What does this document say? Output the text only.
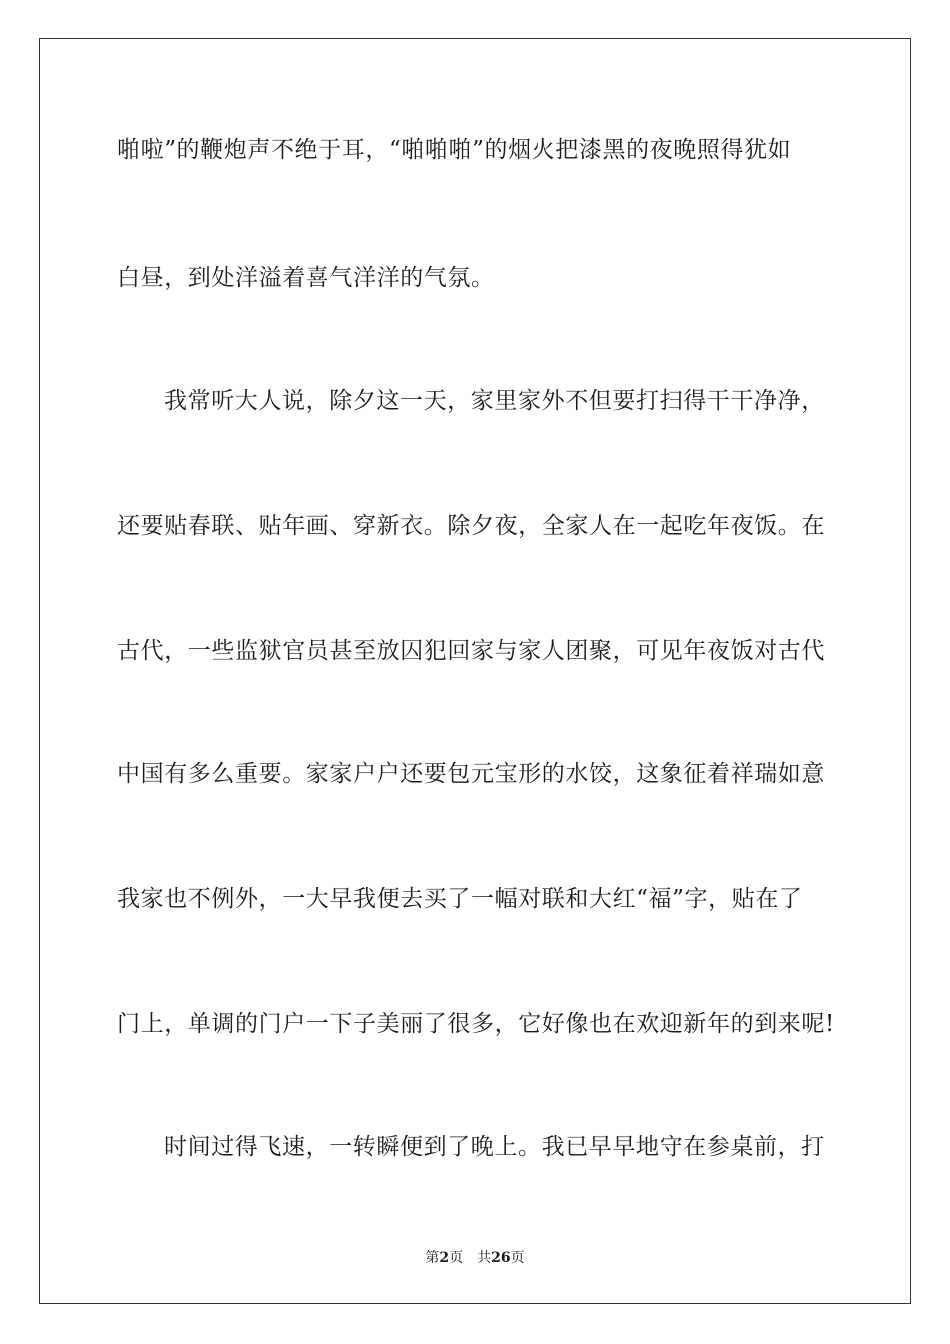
啪啦”的鞭炮声不绝于耳，“啪啪啪”的烟火把漆黑的夜晚照得犹如
白昼，到处洋溢着喜气洋洋的气氛。
我常听大人说，除夕这一天，家里家外不但要打扫得干干净净，
还要贴春联、贴年画、穿新衣。除夕夜，全家人在一起吃年夜饭。在
古代，一些监狱官员甚至放囚犯回家与家人团聚，可见年夜饭对古代
中国有多么重要。家家户户还要包元宝形的水饺，这象征着祥瑞如意
我家也不例外，一大早我便去买了一幅对联和大红“福”字，贴在了
门上，单调的门户一下子美丽了很多，它好像也在欢迎新年的到来呢!
时间过得飞速，一转瞬便到了晚上。我已早早地守在参桌前，打
第2页 共26页
